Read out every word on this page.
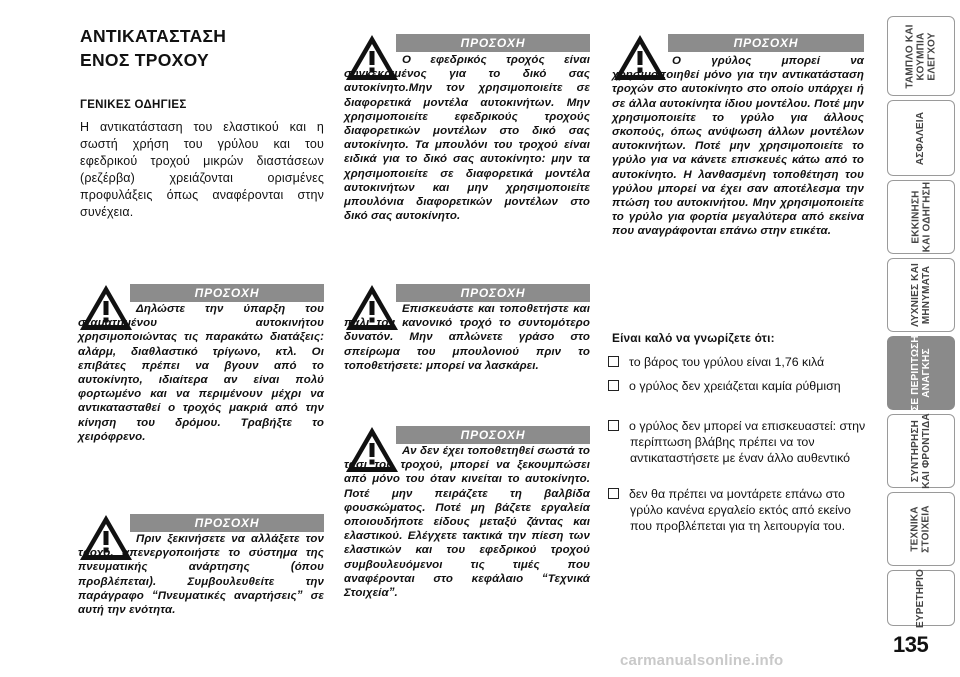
ΑΝΤΙΚΑΤΑΣΤΑΣΗ
ΕΝΟΣ ΤΡΟΧΟΥ
ΓΕΝΙΚΕΣ ΟΔΗΓΙΕΣ
Η αντικατάσταση του ελαστικού και η σωστή χρήση του γρύλου και του εφεδρικού τροχού μικρών διαστάσεων (ρεζέρβα) χρειάζονται ορισμένες προφυλάξεις όπως αναφέρονται στην συνέχεια.
ΠΡΟΣΟΧΗ
Δηλώστε την ύπαρξη του σταματημένου αυτοκινήτου χρησιμοποιώντας τις παρακάτω διατάξεις: αλάρμ, διαθλαστικό τρίγωνο, κτλ. Οι επιβάτες πρέπει να βγουν από το αυτοκίνητο, ιδιαίτερα αν είναι πολύ φορτωμένο και να περιμένουν μέχρι να αντικατασταθεί ο τροχός μακριά από την κίνηση του δρόμου. Τραβήξτε το χειρόφρενο.
ΠΡΟΣΟΧΗ
Πριν ξεκινήσετε να αλλάξετε τον τροχό, απενεργοποιήστε το σύστημα της πνευματικής ανάρτησης (όπου προβλέπεται). Συμβουλευθείτε την παράγραφο “Πνευματικές αναρτήσεις” σε αυτή την ενότητα.
ΠΡΟΣΟΧΗ
Ο εφεδρικός τροχός είναι συγκεκριμένος για το δικό σας αυτοκίνητο.Μην τον χρησιμοποιείτε σε διαφορετικά μοντέλα αυτοκινήτων. Μην χρησιμοποιείτε εφεδρικούς τροχούς διαφορετικών μοντέλων στο δικό σας αυτοκίνητο. Τα μπουλόνι του τροχού είναι ειδικά για το δικό σας αυτοκίνητο: μην τα χρησιμοποιείτε σε διαφορετικά μοντέλα αυτοκινήτων και μην χρησιμοποιείτε μπουλόνια διαφορετικών μοντέλων στο δικό σας αυτοκίνητο.
ΠΡΟΣΟΧΗ
Επισκευάστε και τοποθετήστε και πάλι τον κανονικό τροχό το συντομότερο δυνατόν. Μην απλώνετε γράσο στο σπείρωμα του μπουλονιού πριν το τοποθετήσετε: μπορεί να λασκάρει.
ΠΡΟΣΟΧΗ
Αν δεν έχει τοποθετηθεί σωστά το τάσι του τροχού, μπορεί να ξεκουμπώσει από μόνο του όταν κινείται το αυτοκίνητο. Ποτέ μην πειράζετε τη βαλβίδα φουσκώματος. Ποτέ μη βάζετε εργαλεία οποιουδήποτε είδους μεταξύ ζάντας και ελαστικού. Ελέγχετε τακτικά την πίεση των ελαστικών και του εφεδρικού τροχού συμβουλευόμενοι τις τιμές που αναφέρονται στο κεφάλαιο “Τεχνικά Στοιχεία”.
ΠΡΟΣΟΧΗ
Ο γρύλος μπορεί να χρησιμοποιηθεί μόνο για την αντικατάσταση τροχών στο αυτοκίνητο στο οποίο υπάρχει ή σε άλλα αυτοκίνητα ίδιου μοντέλου. Ποτέ μην χρησιμοποιείτε το γρύλο για άλλους σκοπούς, όπως ανύψωση άλλων μοντέλων αυτοκινήτων. Ποτέ μην χρησιμοποιείτε το γρύλο για να κάνετε επισκευές κάτω από το αυτοκίνητο. Η λανθασμένη τοποθέτηση του γρύλου μπορεί να έχει σαν αποτέλεσμα την πτώση του αυτοκινήτου. Μην χρησιμοποιείτε το γρύλο για φορτία μεγαλύτερα από εκείνα που αναγράφονται επάνω στην ετικέτα.
Είναι καλό να γνωρίζετε ότι:
το βάρος του γρύλου είναι 1,76 κιλά
ο γρύλος δεν χρειάζεται καμία ρύθμιση
ο γρύλος δεν μπορεί να επισκευαστεί: στην περίπτωση βλάβης πρέπει να τον αντικαταστήσετε με έναν άλλο αυθεντικό
δεν θα πρέπει να μοντάρετε επάνω στο γρύλο κανένα εργαλείο εκτός από εκείνο που προβλέπεται για τη λειτουργία του.
ΤΑΜΠΛΟ ΚΑΙ ΚΟΥΜΠΙΑ ΕΛΕΓΧΟΥ
ΑΣΦΑΛΕΙΑ
ΕΚΚΙΝΗΣΗ ΚΑΙ ΟΔΗΓΗΣΗ
ΛΥΧΝΙΕΣ ΚΑΙ ΜΗΝΥΜΑΤΑ
ΣΕ ΠΕΡΙΠΤΩΣΗ ΑΝΑΓΚΗΣ
ΣΥΝΤΗΡΗΣΗ ΚΑΙ ΦΡΟΝΤΙΔΑ
ΤΕΧΝΙΚΑ ΣΤΟΙΧΕΙΑ
ΕΥΡΕΤΗΡΙΟ
135
carmanualsonline.info
